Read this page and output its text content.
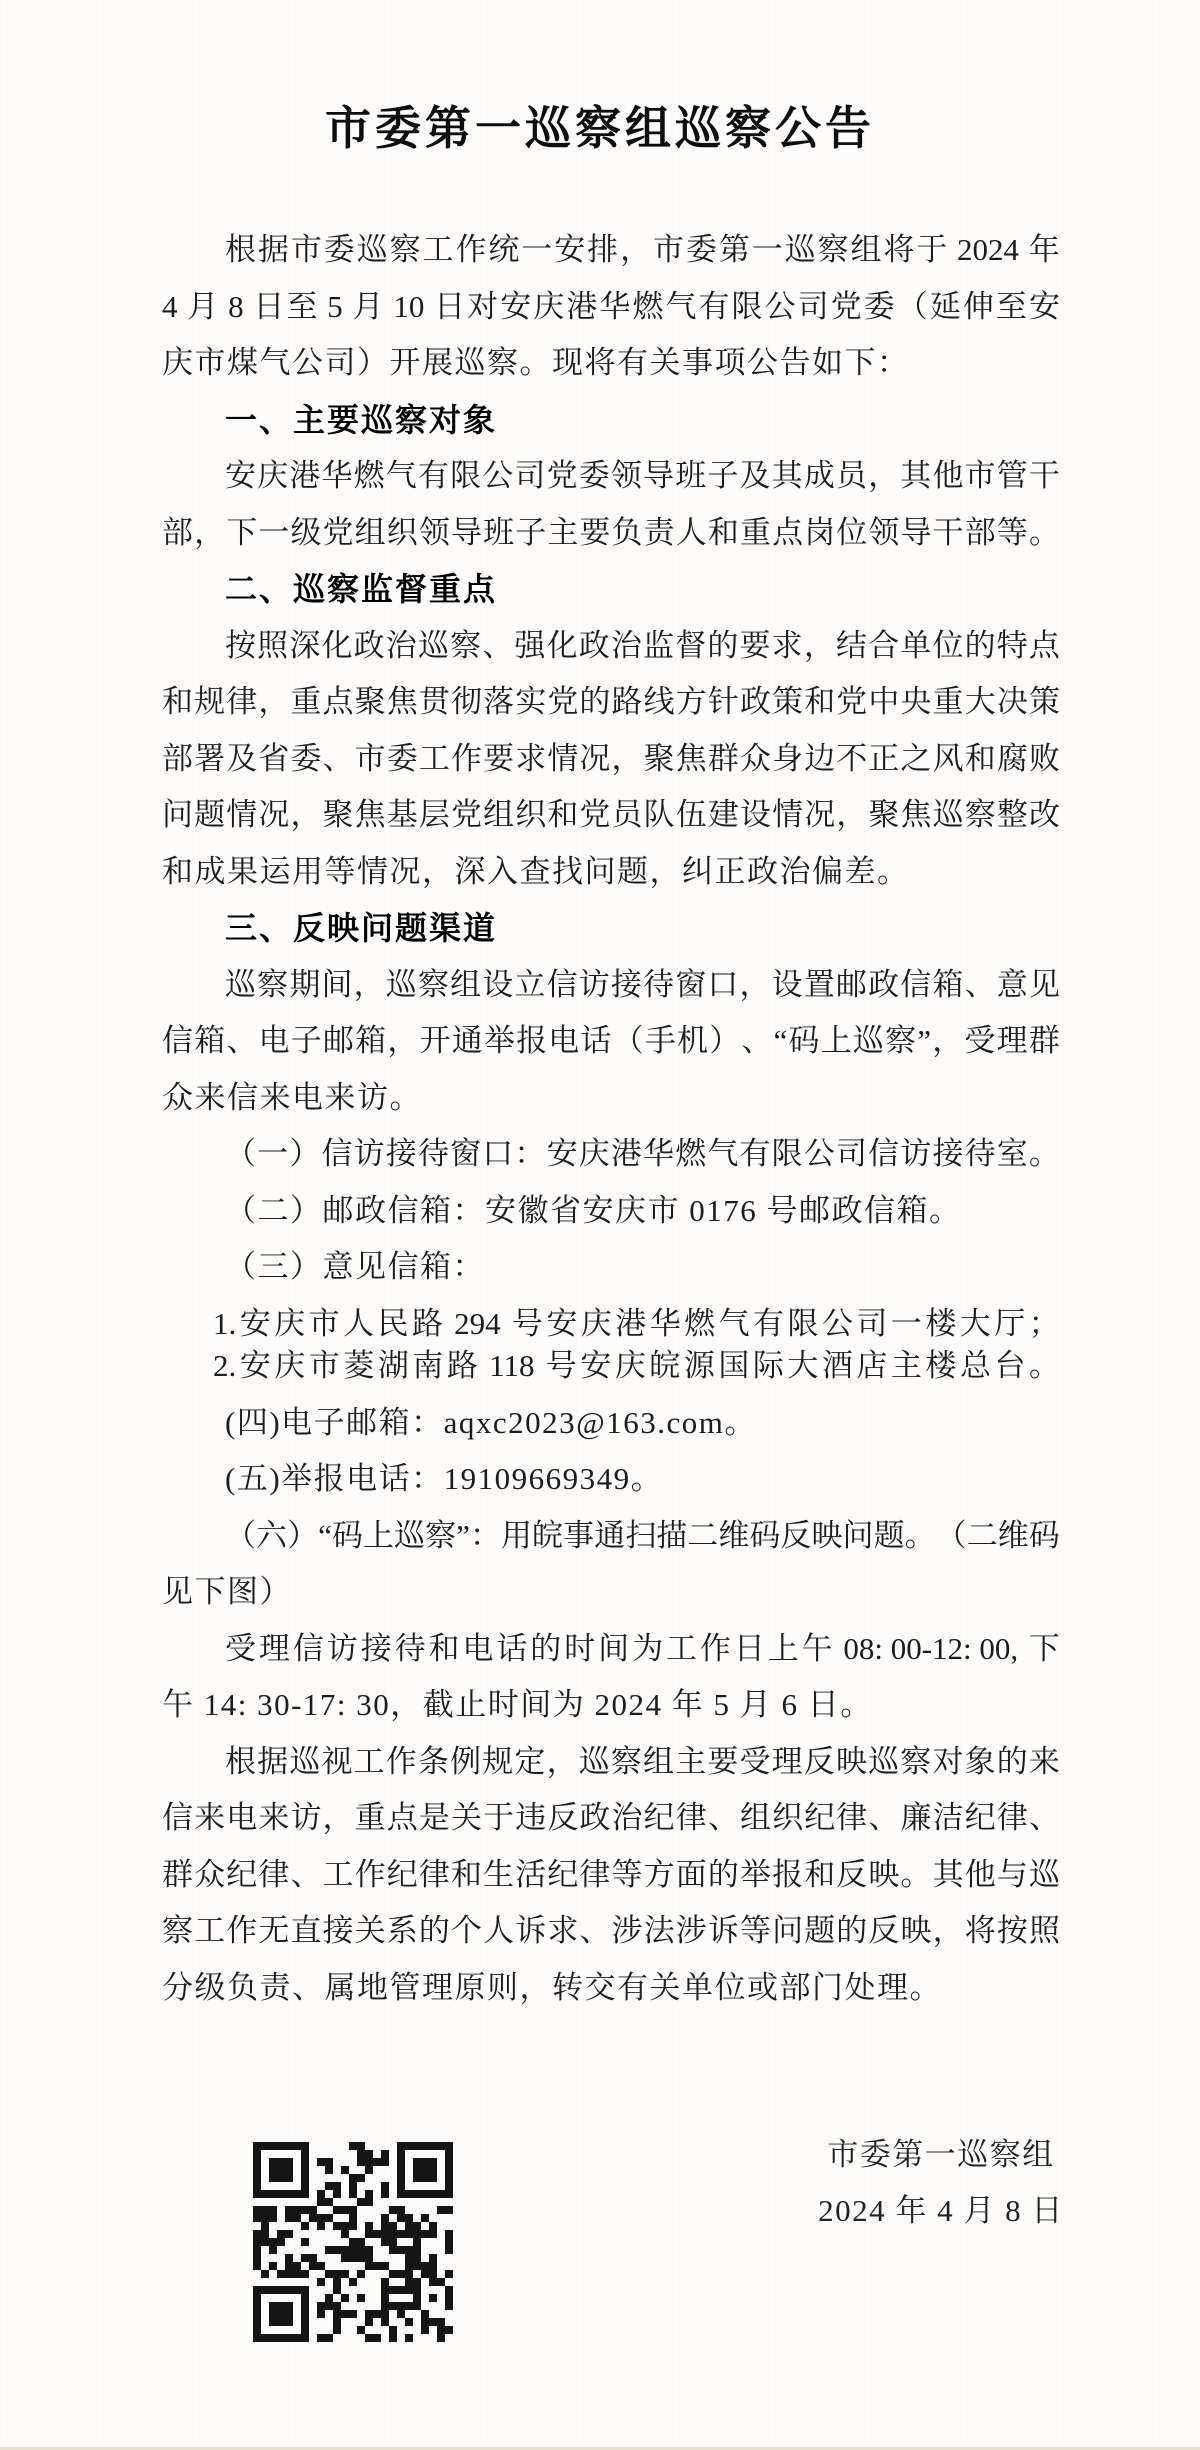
市委第一巡察组巡察公告
根 据 市 委 巡 察 工 作 统 一 安 排 ， 市 委 第 一 巡 察 组 将 于 2024 年
4 月 8 日 至 5 月 10 日 对 安 庆 港 华 燃 气 有 限 公 司 党 委 （ 延 伸 至 安
庆市煤气公司）开展巡察。现将有关事项公告如下：
一、主要巡察对象
安 庆 港 华 燃 气 有 限 公 司 党 委 领 导 班 子 及 其 成 员 ， 其 他 市 管 干
部 ， 下 一 级 党 组 织 领 导 班 子 主 要 负 责 人 和 重 点 岗 位 领 导 干 部 等 。
二、巡察监督重点
按 照 深 化 政 治 巡 察 、 强 化 政 治 监 督 的 要 求 ， 结 合 单 位 的 特 点
和 规 律 ， 重 点 聚 焦 贯 彻 落 实 党 的 路 线 方 针 政 策 和 党 中 央 重 大 决 策
部 署 及 省 委 、 市 委 工 作 要 求 情 况 ， 聚 焦 群 众 身 边 不 正 之 风 和 腐 败
问 题 情 况 ， 聚 焦 基 层 党 组 织 和 党 员 队 伍 建 设 情 况 ， 聚 焦 巡 察 整 改
和成果运用等情况，深入查找问题，纠正政治偏差。
三、反映问题渠道
巡 察 期 间 ， 巡 察 组 设 立 信 访 接 待 窗 口 ， 设 置 邮 政 信 箱 、 意 见
信 箱 、 电 子 邮 箱 ， 开 通 举 报 电 话 （ 手 机 ） 、 “ 码 上 巡 察 ” ， 受 理 群
众来信来电来访。
（ 一 ） 信 访 接 待 窗 口 ： 安 庆 港 华 燃 气 有 限 公 司 信 访 接 待 室 。
（二）邮政信箱：安徽省安庆市 0176 号邮政信箱。
（三）意见信箱：
1. 安 庆 市 人 民 路 294 号 安 庆 港 华 燃 气 有 限 公 司 一 楼 大 厅 ；
2. 安 庆 市 菱 湖 南 路 118 号 安 庆 皖 源 国 际 大 酒 店 主 楼 总 台 。
(四)电子邮箱：aqxc2023@163.com。
(五)举报电话：19109669349。
（ 六 ） “ 码 上 巡 察 ” ： 用 皖 事 通 扫 描 二 维 码 反 映 问 题 。 （ 二 维 码
见下图）
受 理 信 访 接 待 和 电 话 的 时 间 为 工 作 日 上 午 08: 00-12: 00, 下
午 14: 30-17: 30，截止时间为 2024 年 5 月 6 日。
根 据 巡 视 工 作 条 例 规 定 ， 巡 察 组 主 要 受 理 反 映 巡 察 对 象 的 来
信 来 电 来 访 ， 重 点 是 关 于 违 反 政 治 纪 律 、 组 织 纪 律 、 廉 洁 纪 律 、
群 众 纪 律 、 工 作 纪 律 和 生 活 纪 律 等 方 面 的 举 报 和 反 映 。 其 他 与 巡
察 工 作 无 直 接 关 系 的 个 人 诉 求 、 涉 法 涉 诉 等 问 题 的 反 映 ， 将 按 照
分级负责、属地管理原则，转交有关单位或部门处理。
市委第一巡察组
2024 年 4 月 8 日
